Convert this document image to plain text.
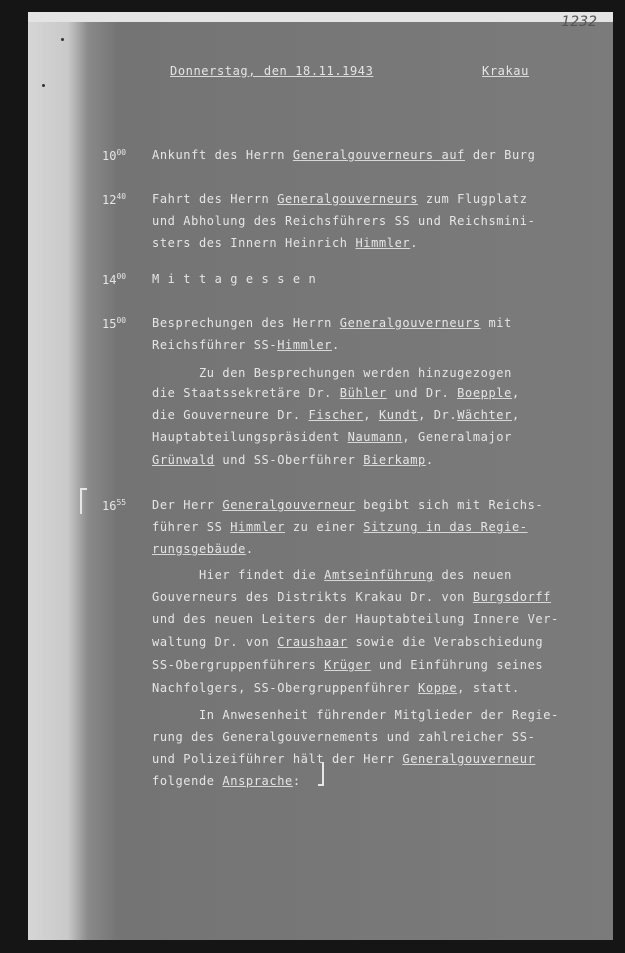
1232
Donnerstag, den 18.11.1943	Krakau
$10^{00}$ Ankunft des Herrn Generalgouverneurs auf der Burg
$12^{40}$ Fahrt des Herrn Generalgouverneurs zum Flugplatz
und Abholung des Reichsführers SS und Reichsmini-
sters des Innern Heinrich Himmler.
$14^{00}$ M i t t a g e s s e n
$15^{00}$ Besprechungen des Herrn Generalgouverneurs mit
Reichsführer SS-Himmler.
Zu den Besprechungen werden hinzugezogen
die Staatssekretäre Dr. Bühler und Dr. Boepple,
die Gouverneure Dr. Fischer, Kundt, Dr.Wächter,
Hauptabteilungspräsident Naumann, Generalmajor
Grünwald und SS-Oberführer Bierkamp.
$16^{55}$ Der Herr Generalgouverneur begibt sich mit Reichs-
führer SS Himmler zu einer Sitzung in das Regie-
rungsgebäude.
Hier findet die Amtseinführung des neuen
Gouverneurs des Distrikts Krakau Dr. von Burgsdorff
und des neuen Leiters der Hauptabteilung Innere Ver-
waltung Dr. von Craushaar sowie die Verabschiedung
SS-Obergruppenführers Krüger und Einführung seines
Nachfolgers, SS-Obergruppenführer Koppe, statt.
In Anwesenheit führender Mitglieder der Regie-
rung des Generalgouvernements und zahlreicher SS-
und Polizeiführer hält der Herr Generalgouverneur
folgende Ansprache:
